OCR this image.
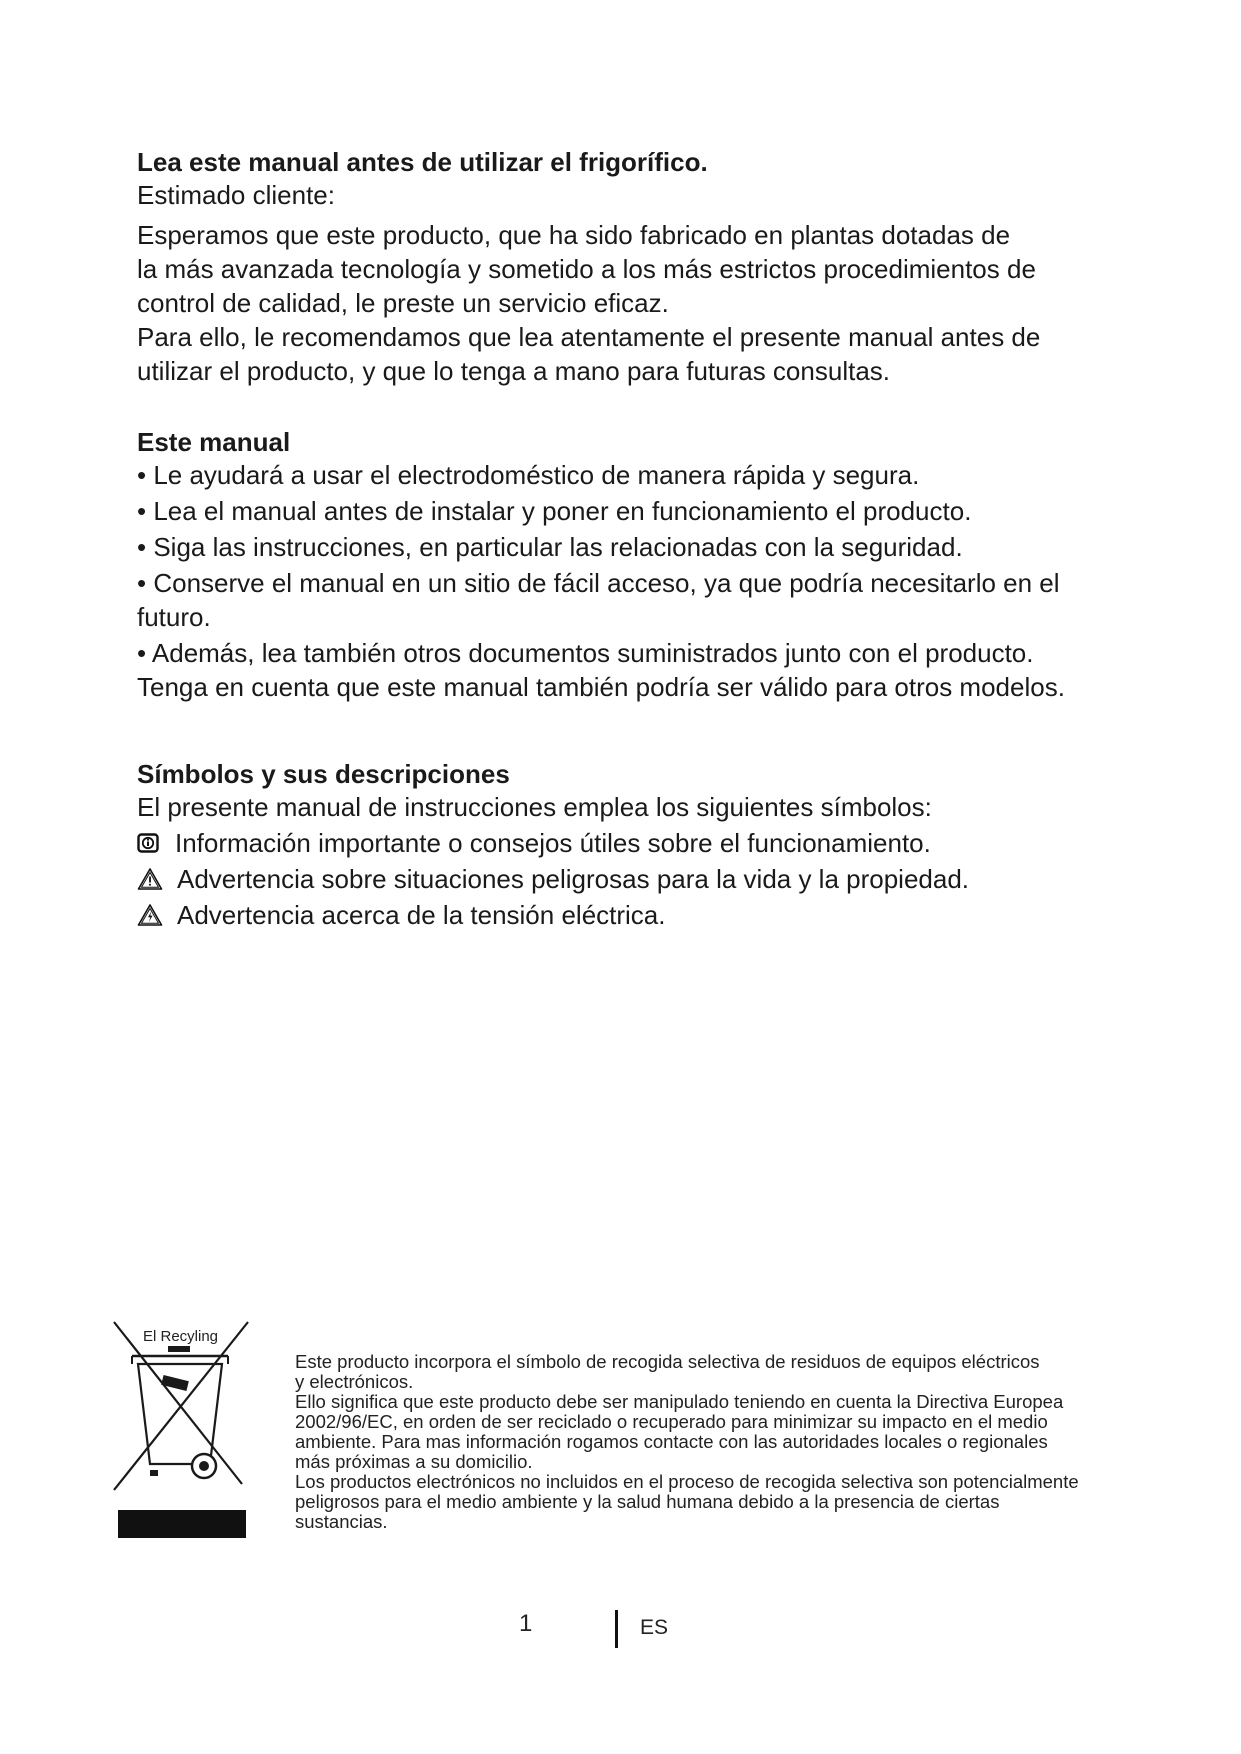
Lea este manual antes de utilizar el frigorífico.

Estimado cliente:

Esperamos que este producto, que ha sido fabricado en plantas dotadas de

la más avanzada tecnología y sometido a los más estrictos procedimientos de

control de calidad, le preste un servicio eficaz.

Para ello, le recomendamos que lea atentamente el presente manual antes de

utilizar el producto, y que lo tenga a mano para futuras consultas.

Este manual

• Le ayudará a usar el electrodoméstico de manera rápida y segura.

• Lea el manual antes de instalar y poner en funcionamiento el producto.

• Siga las instrucciones, en particular las relacionadas con la seguridad.

• Conserve el manual en un sitio de fácil acceso, ya que podría necesitarlo en el

futuro.

• Además, lea también otros documentos suministrados junto con el producto.

Tenga en cuenta que este manual también podría ser válido para otros modelos.

Símbolos y sus descripciones

El presente manual de instrucciones emplea los siguientes símbolos:

Información importante o consejos útiles sobre el funcionamiento.
Advertencia sobre situaciones peligrosas para la vida y la propiedad.
Advertencia acerca de la tensión eléctrica.
El Recyling

Este producto incorpora el símbolo de recogida selectiva de residuos de equipos eléctricos

y electrónicos.

Ello significa que este producto debe ser manipulado teniendo en cuenta la Directiva Europea

2002/96/EC, en orden de ser reciclado o recuperado para minimizar su impacto en el medio

ambiente. Para mas información rogamos contacte con las autoridades locales o regionales

más próximas a su domicilio.

Los productos electrónicos no incluidos en el proceso de recogida selectiva son potencialmente

peligrosos para el medio ambiente y la salud humana debido a la presencia de ciertas

sustancias.

1	ES
